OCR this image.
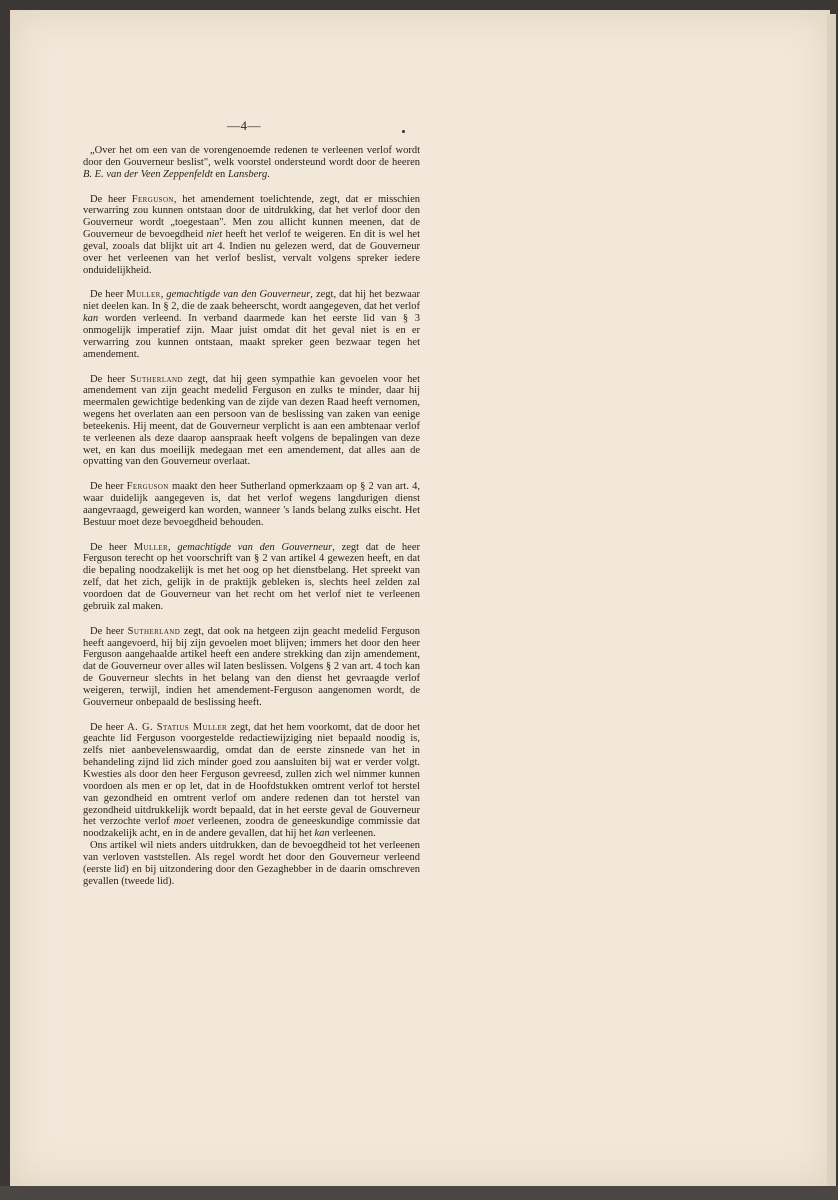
—4—

„Over het om een van de vorengenoemde redenen te verleenen verlof wordt door den Gouverneur beslist", welk voorstel ondersteund wordt door de heeren B. E. van der Veen Zeppenfeldt en Lansberg.

De heer Ferguson, het amendement toelichtende, zegt, dat er misschien verwarring zou kunnen ontstaan door de uitdrukking, dat het verlof door den Gouverneur wordt „toegestaan". Men zou allicht kunnen meenen, dat de Gouverneur de bevoegdheid niet heeft het verlof te weigeren. En dit is wel het geval, zooals dat blijkt uit art 4. Indien nu gelezen werd, dat de Gouverneur over het verleenen van het verlof beslist, vervalt volgens spreker iedere onduidelijkheid.

De heer Muller, gemachtigde van den Gouverneur, zegt, dat hij het bezwaar niet deelen kan. In § 2, die de zaak beheerscht, wordt aangegeven, dat het verlof kan worden verleend. In verband daarmede kan het eerste lid van § 3 onmogelijk imperatief zijn. Maar juist omdat dit het geval niet is en er verwarring zou kunnen ontstaan, maakt spreker geen bezwaar tegen het amendement.

De heer Sutherland zegt, dat hij geen sympathie kan gevoelen voor het amendement van zijn geacht medelid Ferguson en zulks te minder, daar hij meermalen gewichtige bedenking van de zijde van dezen Raad heeft vernomen, wegens het overlaten aan een persoon van de beslissing van zaken van eenige beteekenis. Hij meent, dat de Gouverneur verplicht is aan een ambtenaar verlof te verleenen als deze daarop aanspraak heeft volgens de bepalingen van deze wet, en kan dus moeilijk medegaan met een amendement, dat alles aan de opvatting van den Gouverneur overlaat.

De heer Ferguson maakt den heer Sutherland opmerkzaam op § 2 van art. 4, waar duidelijk aangegeven is, dat het verlof wegens langdurigen dienst aangevraagd, geweigerd kan worden, wanneer 's lands belang zulks eischt. Het Bestuur moet deze bevoegdheid behouden.

De heer Muller, gemachtigde van den Gouverneur, zegt dat de heer Ferguson terecht op het voorschrift van § 2 van artikel 4 gewezen heeft, en dat die bepaling noodzakelijk is met het oog op het dienstbelang. Het spreekt van zelf, dat het zich, gelijk in de praktijk gebleken is, slechts heel zelden zal voordoen dat de Gouverneur van het recht om het verlof niet te verleenen gebruik zal maken.

De heer Sutherland zegt, dat ook na hetgeen zijn geacht medelid Ferguson heeft aangevoerd, hij bij zijn gevoelen moet blijven; immers het door den heer Ferguson aangehaalde artikel heeft een andere strekking dan zijn amendement, dat de Gouverneur over alles wil laten beslissen. Volgens § 2 van art. 4 toch kan de Gouverneur slechts in het belang van den dienst het gevraagde verlof weigeren, terwijl, indien het amendement-Ferguson aangenomen wordt, de Gouverneur onbepaald de beslissing heeft.

De heer A. G. Statius Muller zegt, dat het hem voorkomt, dat de door het geachte lid Ferguson voorgestelde redactiewijziging niet bepaald noodig is, zelfs niet aanbevelenswaardig, omdat dan de eerste zinsnede van het in behandeling zijnd lid zich minder goed zou aansluiten bij wat er verder volgt. Kwesties als door den heer Ferguson gevreesd, zullen zich wel nimmer kunnen voordoen als men er op let, dat in de Hoofdstukken omtrent verlof tot herstel van gezondheid en omtrent verlof om andere redenen dan tot herstel van gezondheid uitdrukkelijk wordt bepaald, dat in het eerste geval de Gouverneur het verzochte verlof moet verleenen, zoodra de geneeskundige commissie dat noodzakelijk acht, en in de andere gevallen, dat hij het kan verleenen.

Ons artikel wil niets anders uitdrukken, dan de bevoegdheid tot het verleenen van verloven vaststellen. Als regel wordt het door den Gouverneur verleend (eerste lid) en bij uitzondering door den Gezaghebber in de daarin omschreven gevallen (tweede lid).
